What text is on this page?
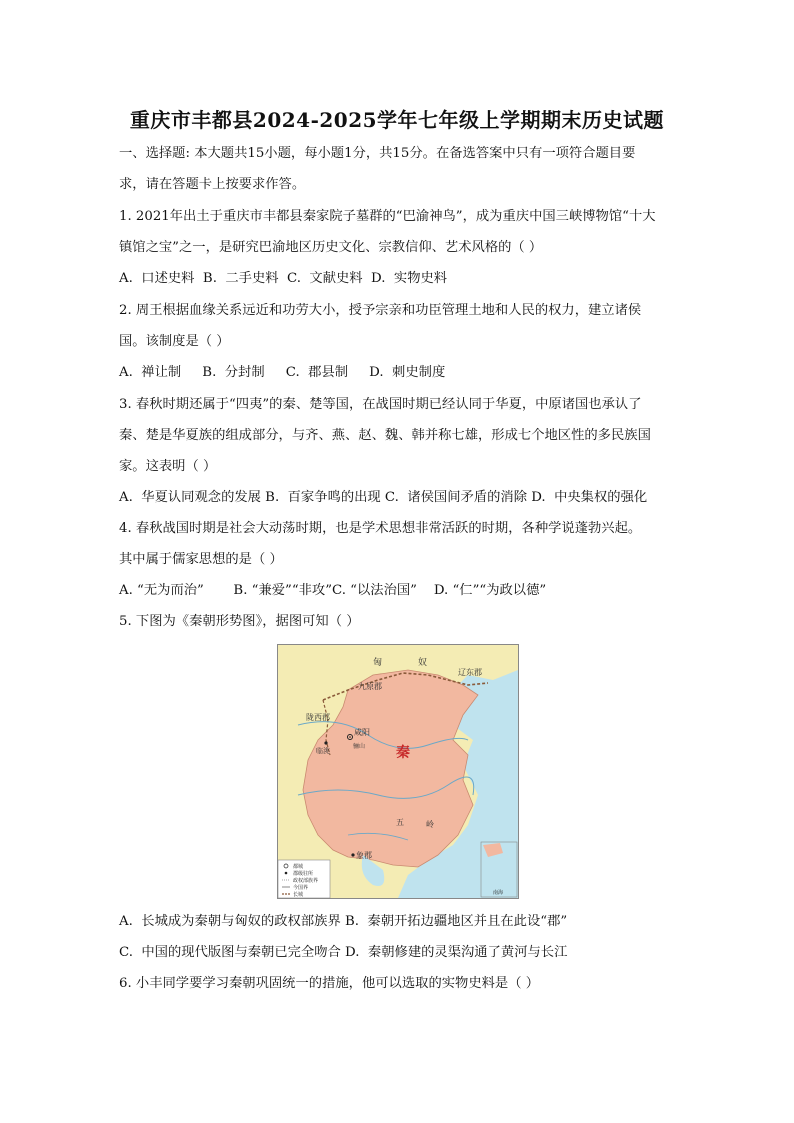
重庆市丰都县2024-2025学年七年级上学期期末历史试题
一、选择题: 本大题共15小题，每小题1分，共15分。在备选答案中只有一项符合题目要
求，请在答题卡上按要求作答。
1. 2021年出土于重庆市丰都县秦家院子墓群的“巴渝神鸟”，成为重庆中国三峡博物馆“十大
镇馆之宝”之一，是研究巴渝地区历史文化、宗教信仰、艺术风格的（ ）
A.  口述史料  B.  二手史料  C.  文献史料  D.  实物史料
2. 周王根据血缘关系远近和功劳大小，授予宗亲和功臣管理土地和人民的权力，建立诸侯
国。该制度是（ ）
A.  禅让制     B.  分封制     C.  郡县制     D.  刺史制度
3. 春秋时期还属于“四夷”的秦、楚等国，在战国时期已经认同于华夏，中原诸国也承认了
秦、楚是华夏族的组成部分，与齐、燕、赵、魏、韩并称七雄，形成七个地区性的多民族国
家。这表明（ ）
A.  华夏认同观念的发展 B.  百家争鸣的出现 C.  诸侯国间矛盾的消除 D.  中央集权的强化
4. 春秋战国时期是社会大动荡时期，也是学术思想非常活跃的时期，各种学说蓬勃兴起。
其中属于儒家思想的是（ ）
A. “无为而治”       B. “兼爱”“非攻”C. “以法治国”    D. “仁”“为政以德”
5. 下图为《秦朝形势图》，据图可知（ ）
匈	奴
辽东郡
九原郡
陇西郡
咸阳
临洮
骊山 秦
五	岭
象郡
都城
郡级驻所
政权部族界
今国界
长城	南海
A.  长城成为秦朝与匈奴的政权部族界 B.  秦朝开拓边疆地区并且在此设“郡”
C.  中国的现代版图与秦朝已完全吻合 D.  秦朝修建的灵渠沟通了黄河与长江
6. 小丰同学要学习秦朝巩固统一的措施，他可以选取的实物史料是（ ）
